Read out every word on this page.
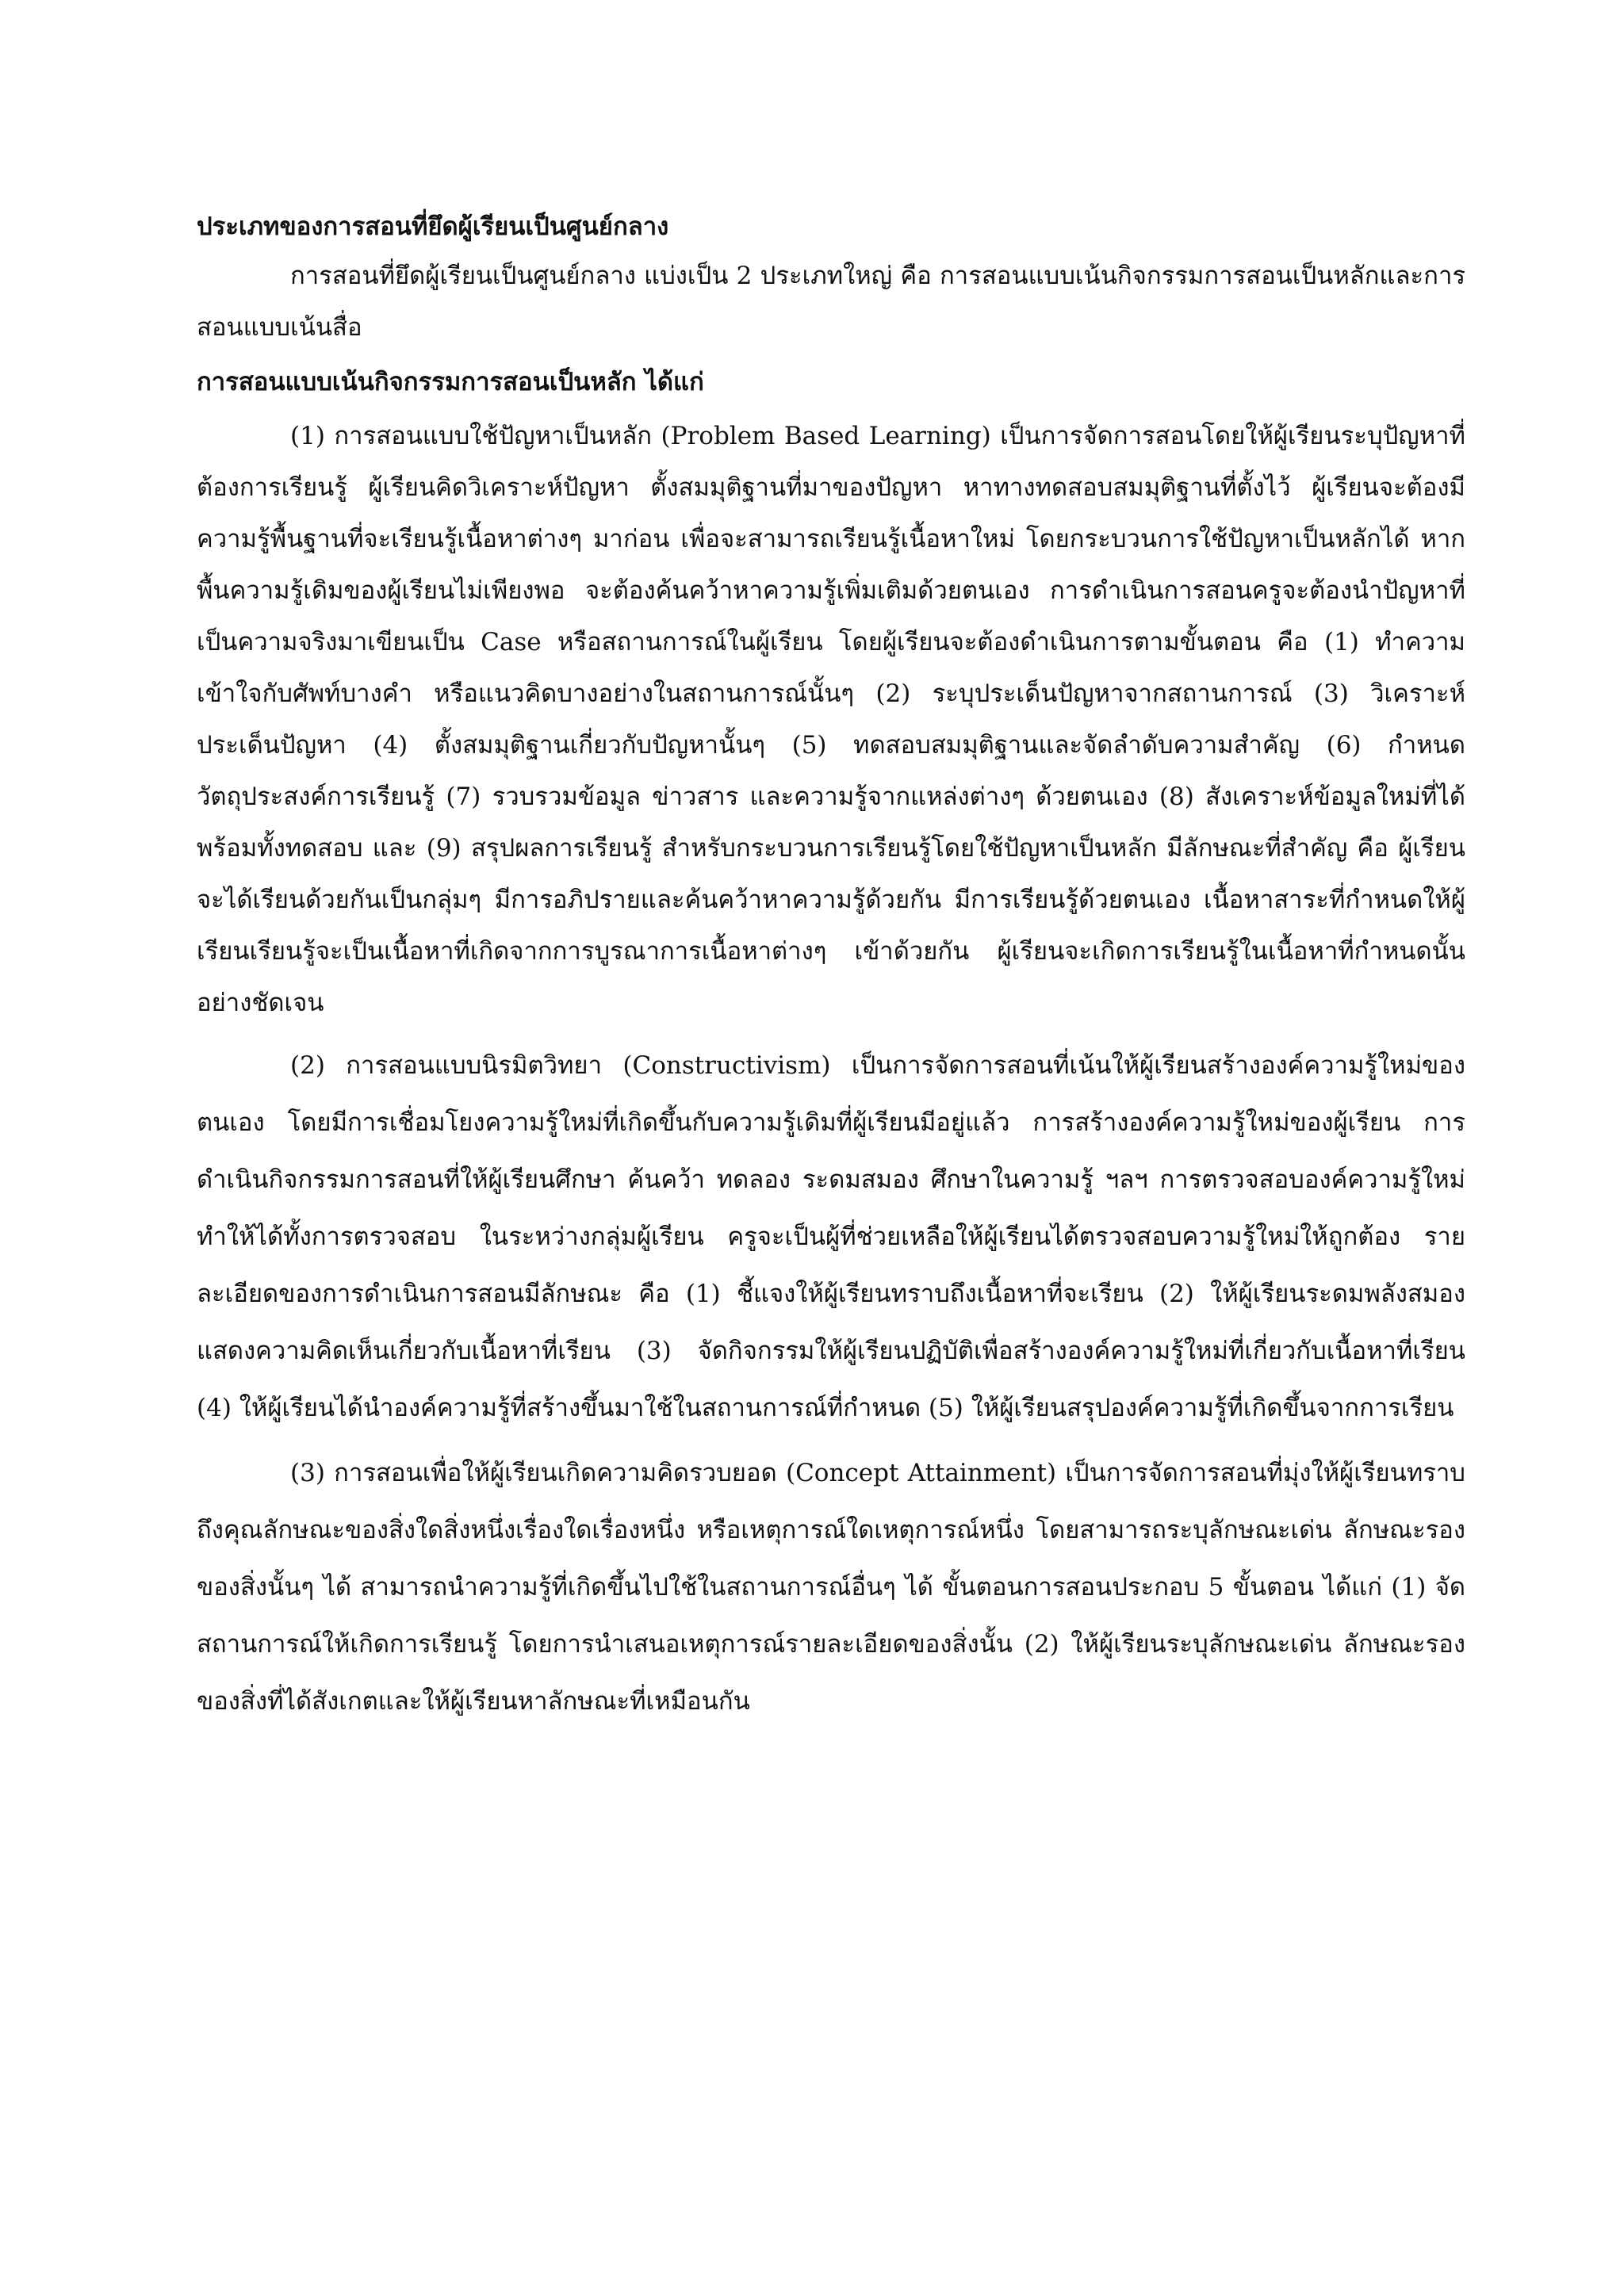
ประเภทของการสอนที่ยึดผู้เรียนเป็นศูนย์กลาง

การสอนที่ยึดผู้เรียนเป็นศูนย์กลาง แบ่งเป็น 2 ประเภทใหญ่ คือ การสอนแบบเน้นกิจกรรมการสอนเป็นหลักและการสอนแบบเน้นสื่อ

การสอนแบบเน้นกิจกรรมการสอนเป็นหลัก ได้แก่

(1) การสอนแบบใช้ปัญหาเป็นหลัก (Problem Based Learning) เป็นการจัดการสอนโดยให้ผู้เรียนระบุปัญหาที่ต้องการเรียนรู้ ผู้เรียนคิดวิเคราะห์ปัญหา ตั้งสมมุติฐานที่มาของปัญหา หาทางทดสอบสมมุติฐานที่ตั้งไว้ ผู้เรียนจะต้องมีความรู้พื้นฐานที่จะเรียนรู้เนื้อหาต่างๆ มาก่อน เพื่อจะสามารถเรียนรู้เนื้อหาใหม่ โดยกระบวนการใช้ปัญหาเป็นหลักได้ หากพื้นความรู้เดิมของผู้เรียนไม่เพียงพอ จะต้องค้นคว้าหาความรู้เพิ่มเติมด้วยตนเอง การดำเนินการสอนครูจะต้องนำปัญหาที่เป็นความจริงมาเขียนเป็น Case หรือสถานการณ์ในผู้เรียน โดยผู้เรียนจะต้องดำเนินการตามขั้นตอน คือ (1) ทำความเข้าใจกับศัพท์บางคำ หรือแนวคิดบางอย่างในสถานการณ์นั้นๆ (2) ระบุประเด็นปัญหาจากสถานการณ์ (3) วิเคราะห์ประเด็นปัญหา (4) ตั้งสมมุติฐานเกี่ยวกับปัญหานั้นๆ (5) ทดสอบสมมุติฐานและจัดลำดับความสำคัญ (6) กำหนดวัตถุประสงค์การเรียนรู้ (7) รวบรวมข้อมูล ข่าวสาร และความรู้จากแหล่งต่างๆ ด้วยตนเอง (8) สังเคราะห์ข้อมูลใหม่ที่ได้ พร้อมทั้งทดสอบ และ (9) สรุปผลการเรียนรู้ สำหรับกระบวนการเรียนรู้โดยใช้ปัญหาเป็นหลัก มีลักษณะที่สำคัญ คือ ผู้เรียนจะได้เรียนด้วยกันเป็นกลุ่มๆ มีการอภิปรายและค้นคว้าหาความรู้ด้วยกัน มีการเรียนรู้ด้วยตนเอง เนื้อหาสาระที่กำหนดให้ผู้เรียนเรียนรู้จะเป็นเนื้อหาที่เกิดจากการบูรณาการเนื้อหาต่างๆ เข้าด้วยกัน ผู้เรียนจะเกิดการเรียนรู้ในเนื้อหาที่กำหนดนั้นอย่างชัดเจน

(2) การสอนแบบนิรมิตวิทยา (Constructivism) เป็นการจัดการสอนที่เน้นให้ผู้เรียนสร้างองค์ความรู้ใหม่ของตนเอง โดยมีการเชื่อมโยงความรู้ใหม่ที่เกิดขึ้นกับความรู้เดิมที่ผู้เรียนมีอยู่แล้ว การสร้างองค์ความรู้ใหม่ของผู้เรียน การดำเนินกิจกรรมการสอนที่ให้ผู้เรียนศึกษา ค้นคว้า ทดลอง ระดมสมอง ศึกษาในความรู้ ฯลฯ การตรวจสอบองค์ความรู้ใหม่ทำให้ได้ทั้งการตรวจสอบ ในระหว่างกลุ่มผู้เรียน ครูจะเป็นผู้ที่ช่วยเหลือให้ผู้เรียนได้ตรวจสอบความรู้ใหม่ให้ถูกต้อง รายละเอียดของการดำเนินการสอนมีลักษณะ คือ (1) ชี้แจงให้ผู้เรียนทราบถึงเนื้อหาที่จะเรียน (2) ให้ผู้เรียนระดมพลังสมองแสดงความคิดเห็นเกี่ยวกับเนื้อหาที่เรียน (3) จัดกิจกรรมให้ผู้เรียนปฏิบัติเพื่อสร้างองค์ความรู้ใหม่ที่เกี่ยวกับเนื้อหาที่เรียน (4) ให้ผู้เรียนได้นำองค์ความรู้ที่สร้างขึ้นมาใช้ในสถานการณ์ที่กำหนด (5) ให้ผู้เรียนสรุปองค์ความรู้ที่เกิดขึ้นจากการเรียน

(3) การสอนเพื่อให้ผู้เรียนเกิดความคิดรวบยอด (Concept Attainment) เป็นการจัดการสอนที่มุ่งให้ผู้เรียนทราบถึงคุณลักษณะของสิ่งใดสิ่งหนึ่งเรื่องใดเรื่องหนึ่ง หรือเหตุการณ์ใดเหตุการณ์หนึ่ง โดยสามารถระบุลักษณะเด่น ลักษณะรองของสิ่งนั้นๆ ได้ สามารถนำความรู้ที่เกิดขึ้นไปใช้ในสถานการณ์อื่นๆ ได้ ขั้นตอนการสอนประกอบ 5 ขั้นตอน ได้แก่ (1) จัดสถานการณ์ให้เกิดการเรียนรู้ โดยการนำเสนอเหตุการณ์รายละเอียดของสิ่งนั้น (2) ให้ผู้เรียนระบุลักษณะเด่น ลักษณะรองของสิ่งที่ได้สังเกตและให้ผู้เรียนหาลักษณะที่เหมือนกัน
